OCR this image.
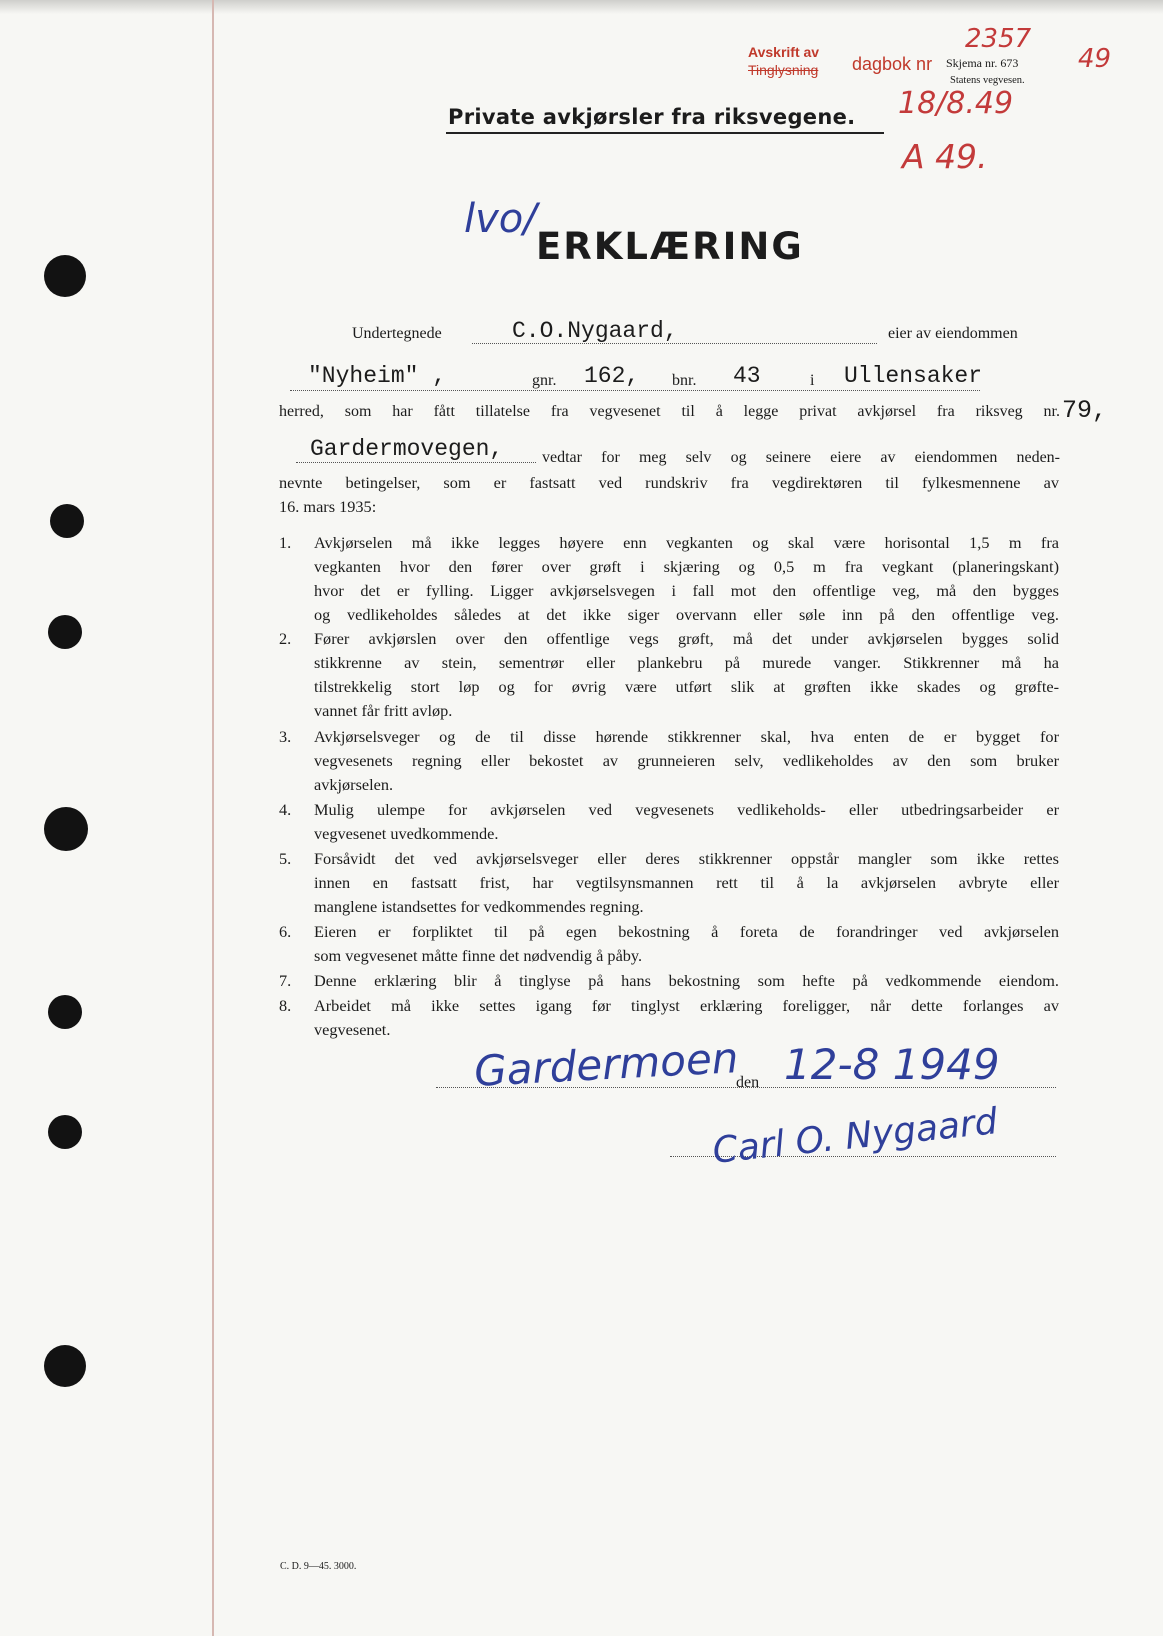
Avskrift av
Tinglysning dagbok nr
2357
49
Skjema nr. 673
Statens vegvesen.
Private avkjørsler fra riksvegene. 18/8.49
A 49.
lvo/
ERKLÆRING
Undertegnede	C.O.Nygaard,	eier av eiendommen
"Nyheim" ,	gnr. 162, bnr. 43	i Ullensaker
herred, som har fått tillatelse fra vegvesenet til å legge privat avkjørsel fra riksveg nr. 79,
Gardermovegen, vedtar for meg selv og seinere eiere av eiendommen neden-
nevnte betingelser, som er fastsatt ved rundskriv fra vegdirektøren til fylkesmennene av
16. mars 1935:
1. Avkjørselen må ikke legges høyere enn vegkanten og skal være horisontal 1,5 m fra
vegkanten hvor den fører over grøft i skjæring og 0,5 m fra vegkant (planeringskant)
hvor det er fylling. Ligger avkjørselsvegen i fall mot den offentlige veg, må den bygges
og vedlikeholdes således at det ikke siger overvann eller søle inn på den offentlige veg.
2. Fører avkjørslen over den offentlige vegs grøft, må det under avkjørselen bygges solid
stikkrenne av stein, sementrør eller plankebru på murede vanger. Stikkrenner må ha
tilstrekkelig stort løp og for øvrig være utført slik at grøften ikke skades og grøfte-
vannet får fritt avløp.
3. Avkjørselsveger og de til disse hørende stikkrenner skal, hva enten de er bygget for
vegvesenets regning eller bekostet av grunneieren selv, vedlikeholdes av den som bruker
avkjørselen.
4. Mulig ulempe for avkjørselen ved vegvesenets vedlikeholds- eller utbedringsarbeider er
vegvesenet uvedkommende.
5. Forsåvidt det ved avkjørselsveger eller deres stikkrenner oppstår mangler som ikke rettes
innen en fastsatt frist, har vegtilsynsmannen rett til å la avkjørselen avbryte eller
manglene istandsettes for vedkommendes regning.
6. Eieren er forpliktet til på egen bekostning å foreta de forandringer ved avkjørselen
som vegvesenet måtte finne det nødvendig å påby.
7. Denne erklæring blir å tinglyse på hans bekostning som hefte på vedkommende eiendom.
8. Arbeidet må ikke settes igang før tinglyst erklæring foreligger, når dette forlanges av
vegvesenet.
Gardermoen
den 12-8 1949
Carl O. Nygaard
C. D. 9—45. 3000.
